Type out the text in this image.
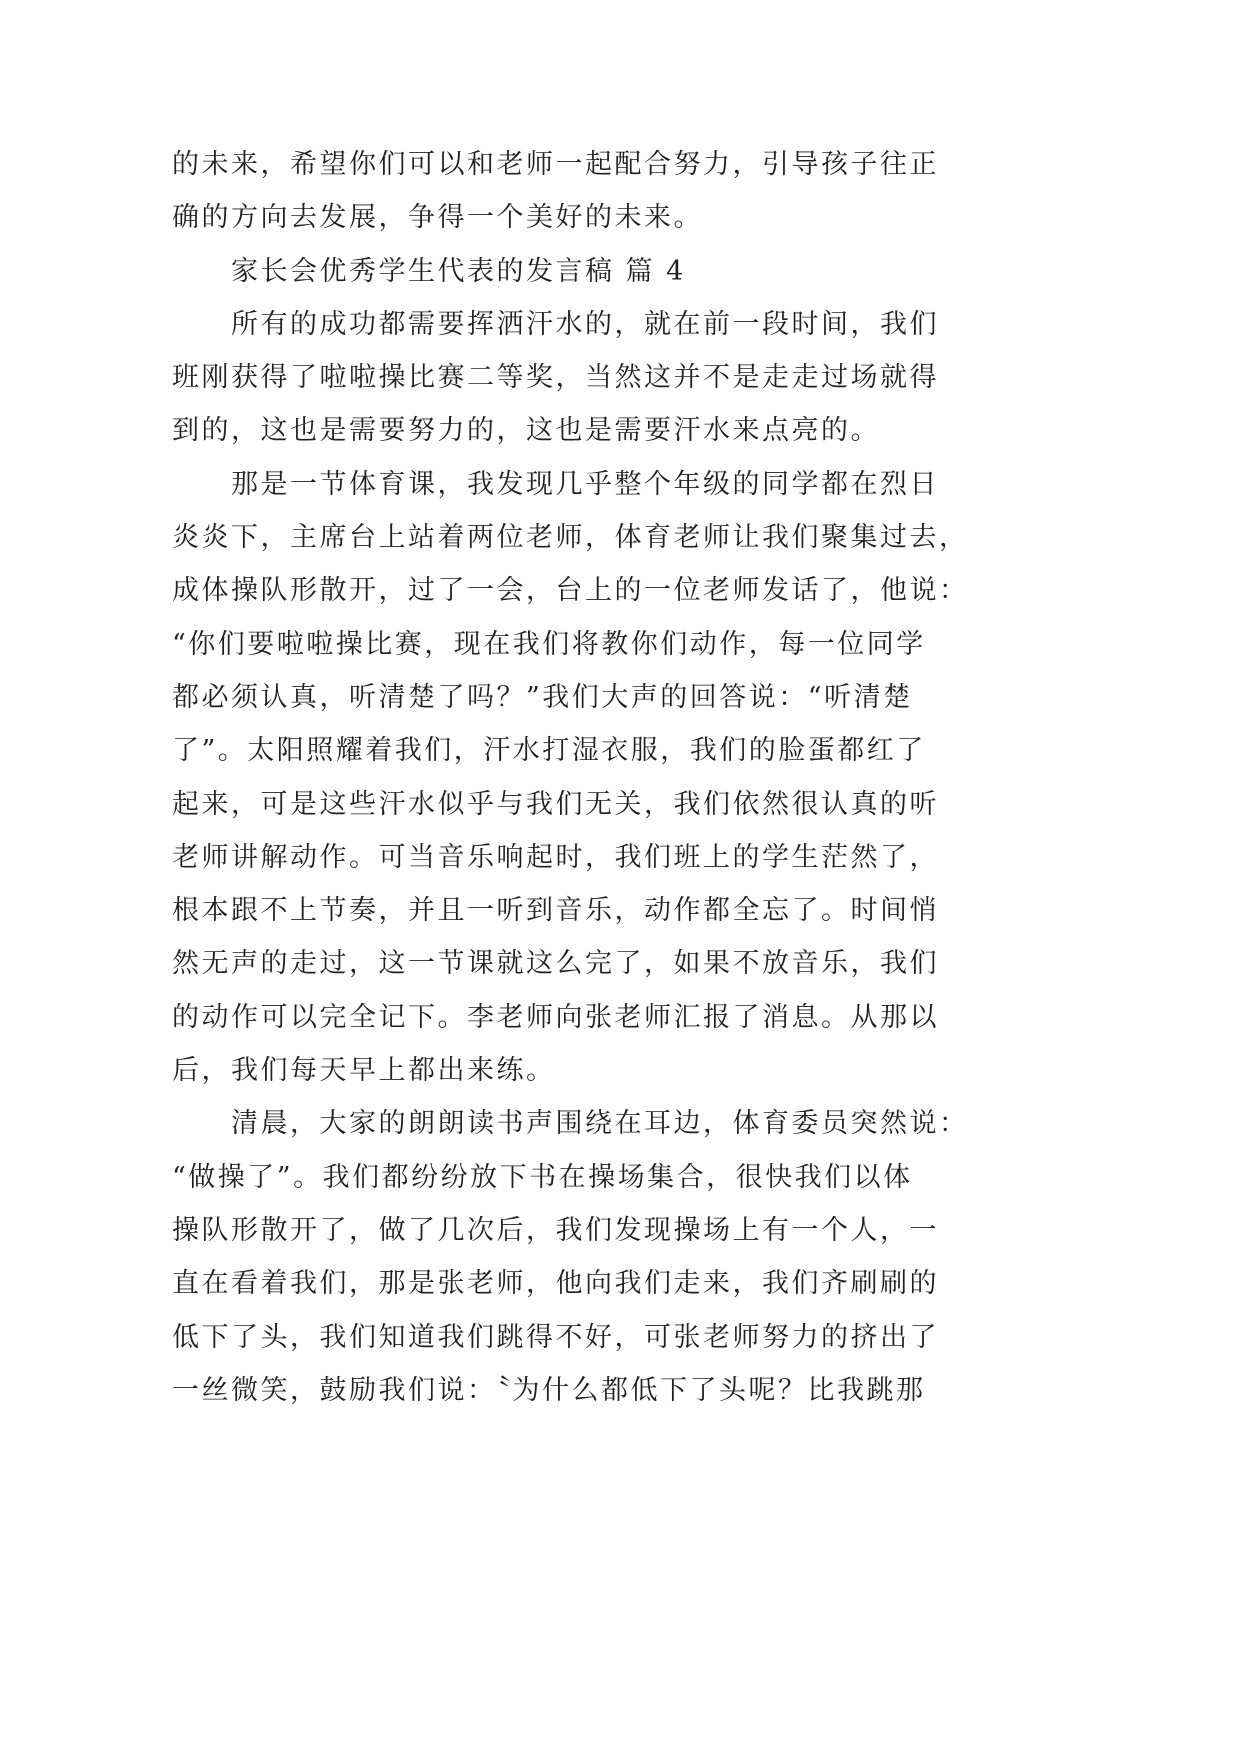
的未来，希望你们可以和老师一起配合努力，引导孩子往正
确的方向去发展，争得一个美好的未来。
家长会优秀学生代表的发言稿 篇 4
所有的成功都需要挥洒汗水的，就在前一段时间，我们
班刚获得了啦啦操比赛二等奖，当然这并不是走走过场就得
到的，这也是需要努力的，这也是需要汗水来点亮的。
那是一节体育课，我发现几乎整个年级的同学都在烈日
炎炎下，主席台上站着两位老师，体育老师让我们聚集过去，
成体操队形散开，过了一会，台上的一位老师发话了，他说：
“你们要啦啦操比赛，现在我们将教你们动作，每一位同学
都必须认真，听清楚了吗？”我们大声的回答说：“听清楚
了”。太阳照耀着我们，汗水打湿衣服，我们的脸蛋都红了
起来，可是这些汗水似乎与我们无关，我们依然很认真的听
老师讲解动作。可当音乐响起时，我们班上的学生茫然了，
根本跟不上节奏，并且一听到音乐，动作都全忘了。时间悄
然无声的走过，这一节课就这么完了，如果不放音乐，我们
的动作可以完全记下。李老师向张老师汇报了消息。从那以
后，我们每天早上都出来练。
清晨，大家的朗朗读书声围绕在耳边，体育委员突然说：
“做操了”。我们都纷纷放下书在操场集合，很快我们以体
操队形散开了，做了几次后，我们发现操场上有一个人，一
直在看着我们，那是张老师，他向我们走来，我们齐刷刷的
低下了头，我们知道我们跳得不好，可张老师努力的挤出了
一丝微笑，鼓励我们说：〝为什么都低下了头呢？比我跳那
